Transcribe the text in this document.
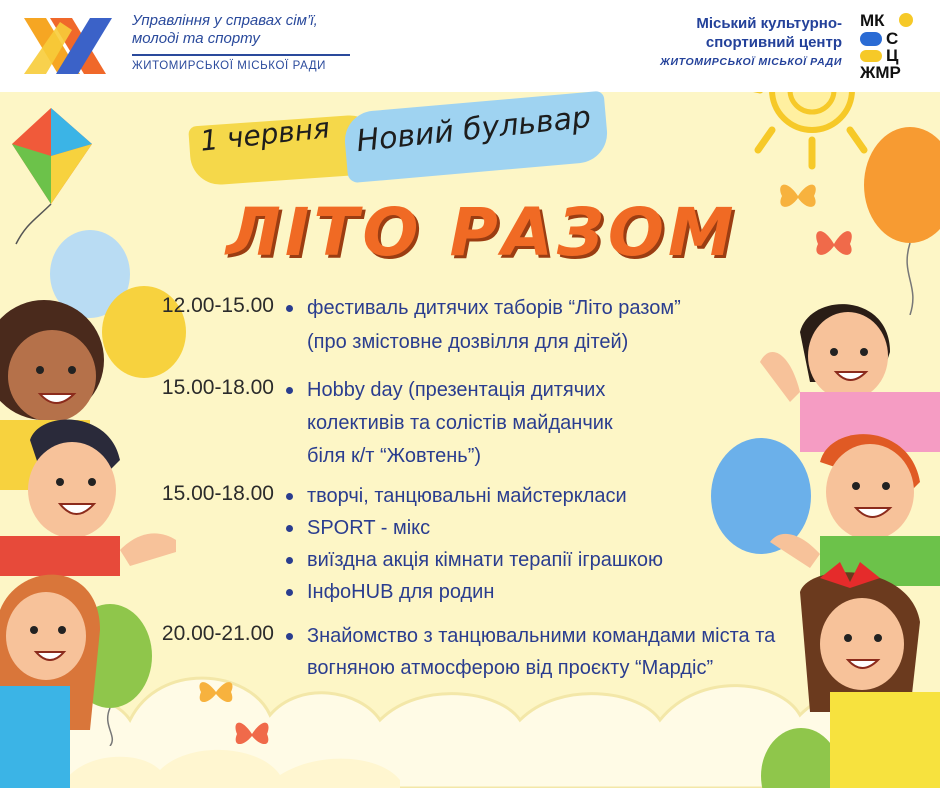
Управління у справах сім’ї,
молоді та спорту
ЖИТОМИРСЬКОЇ МІСЬКОЇ РАДИ
Міський культурно-
спортивний центр
ЖИТОМИРСЬКОЇ МІСЬКОЇ РАДИ
МК
С
Ц
ЖМР
1 червня Новий бульвар
ЛІТО РАЗОМ
12.00-15.00 фестиваль дитячих таборів “Літо разом”
(про змістовне дозвілля для дітей)
15.00-18.00 Hobby day (презентація дитячих
колективів та солістів майданчик
біля к/т “Жовтень”)
15.00-18.00 творчі, танцювальні майстеркласи
SPORT - мікс
виїздна акція кімнати терапії іграшкою
ІнфоHUB для родин
20.00-21.00 Знайомство з танцювальними командами міста та
вогняною атмосферою від проєкту “Мардіс”
